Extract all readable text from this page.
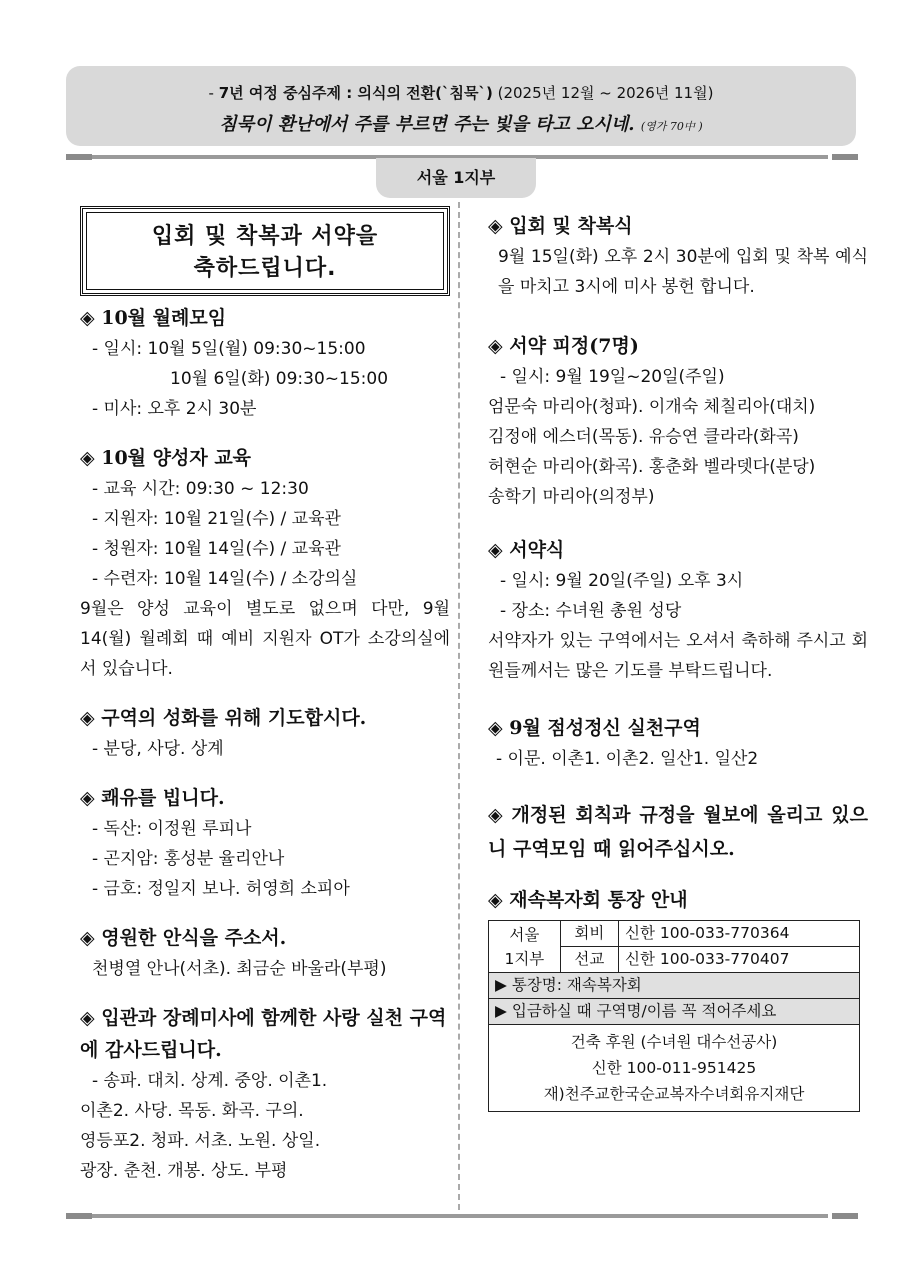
- 7년 여정 중심주제 : 의식의 전환(`침묵`) (2025년 12월 ~ 2026년 11월)
침묵이 환난에서 주를 부르면 주는 빛을 타고 오시네. (영가 70中 )
서울 1지부
입회 및 착복과 서약을
축하드립니다.
◈ 10월 월례모임
- 일시: 10월 5일(월) 09:30~15:00
10월 6일(화) 09:30~15:00
- 미사: 오후 2시 30분
◈ 10월 양성자 교육
- 교육 시간: 09:30 ~ 12:30
- 지원자: 10월 21일(수) / 교육관
- 청원자: 10월 14일(수) / 교육관
- 수련자: 10월 14일(수) / 소강의실
9월은 양성 교육이 별도로 없으며 다만, 9월 14(월) 월례회 때 예비 지원자 OT가 소강의실에서 있습니다.
◈ 구역의 성화를 위해 기도합시다.
- 분당, 사당. 상계
◈ 쾌유를 빕니다.
- 독산: 이정원 루피나
- 곤지암: 홍성분 율리안나
- 금호: 정일지 보나. 허영희 소피아
◈ 영원한 안식을 주소서.
천병열 안나(서초). 최금순 바울라(부평)
◈ 입관과 장례미사에 함께한 사랑 실천 구역에 감사드립니다.
- 송파. 대치. 상계. 중앙. 이촌1.
이촌2. 사당. 목동. 화곡. 구의.
영등포2. 청파. 서초. 노원. 상일.
광장. 춘천. 개봉. 상도. 부평
◈ 입회 및 착복식
9월 15일(화) 오후 2시 30분에 입회 및 착복 예식을 마치고 3시에 미사 봉헌 합니다.
◈ 서약 피정(7명)
- 일시: 9월 19일~20일(주일)
엄문숙 마리아(청파). 이개숙 체칠리아(대치)
김정애 에스더(목동). 유승연 클라라(화곡)
허현순 마리아(화곡). 홍춘화 벨라뎃다(분당)
송학기 마리아(의정부)
◈ 서약식
- 일시: 9월 20일(주일) 오후 3시
- 장소: 수녀원 총원 성당
서약자가 있는 구역에서는 오셔서 축하해 주시고 회원들께서는 많은 기도를 부탁드립니다.
◈ 9월 점성정신 실천구역
- 이문. 이촌1. 이촌2. 일산1. 일산2
◈ 개정된 회칙과 규정을 월보에 올리고 있으니 구역모임 때 읽어주십시오.
◈ 재속복자회 통장 안내
서울
1지부	회비	신한 100-033-770364
	선교	신한 100-033-770407
▶ 통장명: 재속복자회		
▶ 입금하실 때 구역명/이름 꼭 적어주세요		

건축 후원 (수녀원 대수선공사)
신한 100-011-951425
재)천주교한국순교복자수녀회유지재단		
